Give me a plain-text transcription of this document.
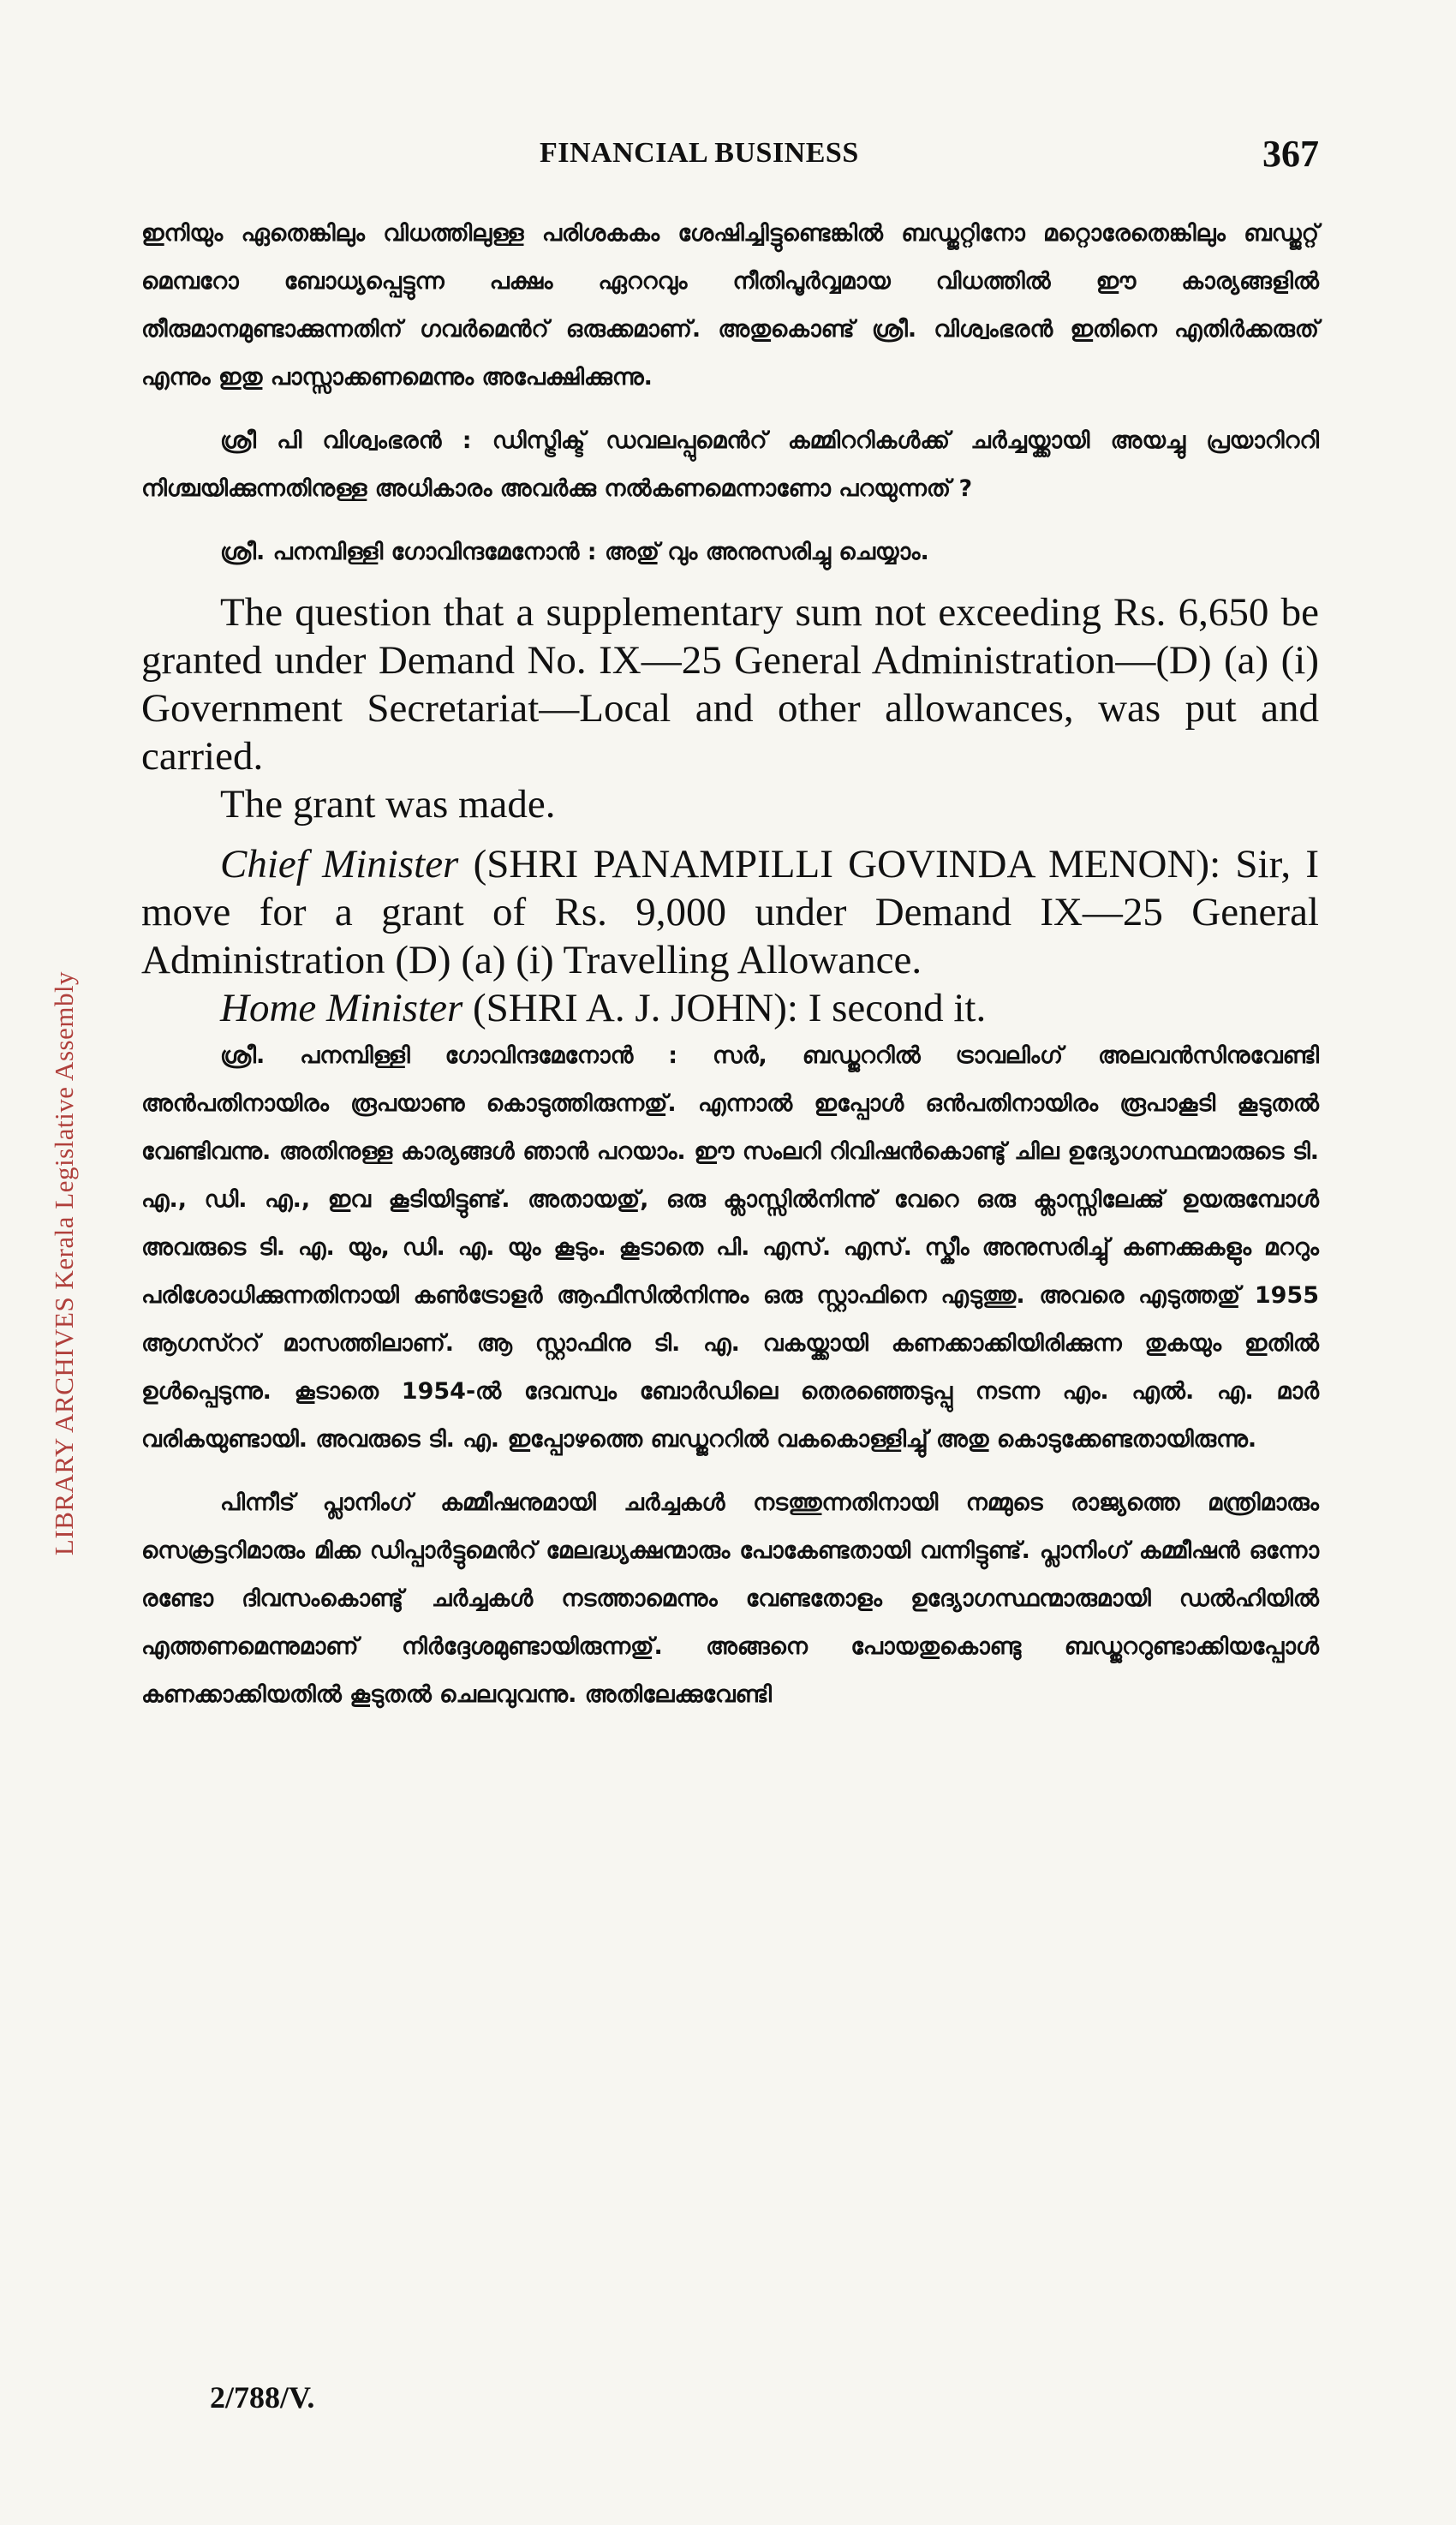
LIBRARY ARCHIVES Kerala Legislative Assembly
FINANCIAL BUSINESS	367

ഇനിയും ഏതെങ്കിലും വിധത്തിലുള്ള പരിശകകം ശേഷിച്ചിട്ടുണ്ടെങ്കിൽ ബഡ്ജറ്റിനോ മറ്റൊരേതെങ്കിലും ബഡ്ജറ്റ് മെമ്പറോ ബോധ്യപ്പെട്ടുന്ന പക്ഷം ഏററവും നീതിപൂർവ്വമായ വിധത്തിൽ ഈ കാര്യങ്ങളിൽ തീരുമാനമുണ്ടാക്കുന്നതിന് ഗവർമെൻറ് ഒരുക്കമാണ്. അതുകൊണ്ട് ശ്രീ. വിശ്വംഭരൻ ഇതിനെ എതിർക്കരുത് എന്നും ഇതു പാസ്സാക്കണമെന്നും അപേക്ഷിക്കുന്നു.

ശ്രീ പി വിശ്വംഭരൻ : ഡിസ്ട്രിക്ട് ഡവലപ്പുമെൻറ് കമ്മിററികൾക്ക് ചർച്ചയ്ക്കായി അയച്ചു പ്രയാറിററി നിശ്ചയിക്കുന്നതിനുള്ള അധികാരം അവർക്കു നൽകണമെന്നാണോ പറയുന്നത് ?

ശ്രീ. പനമ്പിള്ളി ഗോവിന്ദമേനോൻ : അതു് വും അനുസരിച്ചു ചെയ്യാം.

The question that a supplementary sum not exceeding Rs. 6,650 be granted under Demand No. IX—25 General Administration—(D) (a) (i) Government Secretariat—Local and other allowances, was put and carried.

The grant was made.

Chief Minister (SHRI PANAMPILLI GOVINDA MENON): Sir, I move for a grant of Rs. 9,000 under Demand IX—25 General Administration (D) (a) (i) Travelling Allowance.

Home Minister (SHRI A. J. JOHN): I second it.

ശ്രീ. പനമ്പിള്ളി ഗോവിന്ദമേനോൻ : സർ, ബഡ്ജററിൽ ട്രാവലിംഗ് അലവൻസിനുവേണ്ടി അൻപതിനായിരം രൂപയാണു കൊടുത്തിരുന്നതു്. എന്നാൽ ഇപ്പോൾ ഒൻപതിനായിരം രൂപാകൂടി കൂടുതൽ വേണ്ടിവന്നു. അതിനുള്ള കാര്യങ്ങൾ ഞാൻ പറയാം. ഈ സംലറി റിവിഷൻകൊണ്ടു് ചില ഉദ്യോഗസ്ഥന്മാരുടെ ടി. എ., ഡി. എ., ഇവ കൂടിയിട്ടുണ്ട്. അതായതു്, ഒരു ക്ലാസ്സിൽനിന്നു് വേറെ ഒരു ക്ലാസ്സിലേക്കു് ഉയരുമ്പോൾ അവരുടെ ടി. എ. യും, ഡി. എ. യും കൂടും. കൂടാതെ പി. എസ്. എസ്. സ്കീം അനുസരിച്ചു് കണക്കുകളും മററും പരിശോധിക്കുന്നതിനായി കൺട്രോളർ ആഫീസിൽനിന്നും ഒരു സ്റ്റാഫിനെ എടുത്തു. അവരെ എടുത്തതു് 1955 ആഗസ്ററ് മാസത്തിലാണ്. ആ സ്റ്റാഫിനു ടി. എ. വകയ്ക്കായി കണക്കാക്കിയിരിക്കുന്ന തുകയും ഇതിൽ ഉൾപ്പെടുന്നു. കൂടാതെ 1954-ൽ ദേവസ്വം ബോർഡിലെ തെരഞ്ഞെടുപ്പു നടന്ന എം. എൽ. എ. മാർ വരികയുണ്ടായി. അവരുടെ ടി. എ. ഇപ്പോഴത്തെ ബഡ്ജററിൽ വകകൊള്ളിച്ചു് അതു കൊടുക്കേണ്ടതായിരുന്നു.

പിന്നീട് പ്ലാനിംഗ് കമ്മീഷനുമായി ചർച്ചകൾ നടത്തുന്നതിനായി നമ്മുടെ രാജ്യത്തെ മന്ത്രിമാരും സെക്രട്ടറിമാരും മിക്ക ഡിപ്പാർട്ടുമെൻറ് മേലദ്ധ്യക്ഷന്മാരും പോകേണ്ടതായി വന്നിട്ടുണ്ട്. പ്ലാനിംഗ് കമ്മീഷൻ ഒന്നോ രണ്ടോ ദിവസംകൊണ്ടു് ചർച്ചകൾ നടത്താമെന്നും വേണ്ടതോളം ഉദ്യോഗസ്ഥന്മാരുമായി ഡൽഹിയിൽ എത്തണമെന്നുമാണ് നിർദ്ദേശമുണ്ടായിരുന്നതു്. അങ്ങനെ പോയതുകൊണ്ടു ബഡ്ജററുണ്ടാക്കിയപ്പോൾ കണക്കാക്കിയതിൽ കൂടുതൽ ചെലവുവന്നു. അതിലേക്കുവേണ്ടി

2/788/V.
